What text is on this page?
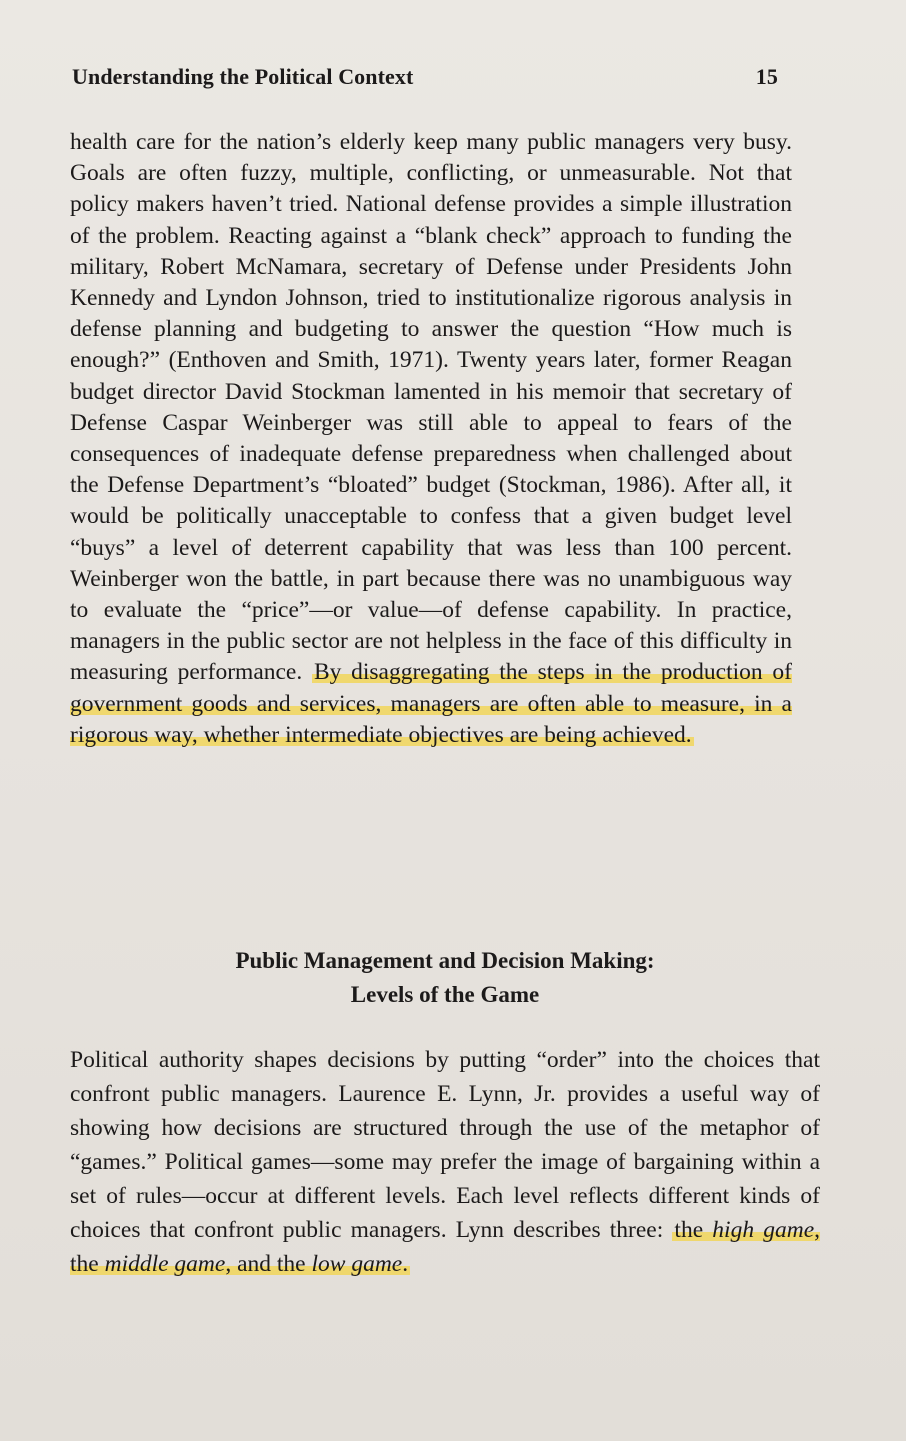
Understanding the Political Context	15
health care for the nation’s elderly keep many public managers very busy. Goals are often fuzzy, multiple, conflicting, or unmeasurable. Not that policy makers haven’t tried. National defense provides a simple illustration of the problem. Reacting against a “blank check” approach to funding the military, Robert McNamara, secretary of Defense under Presidents John Kennedy and Lyndon Johnson, tried to institutionalize rigorous analysis in defense planning and budgeting to answer the question “How much is enough?” (Enthoven and Smith, 1971). Twenty years later, former Reagan budget director David Stockman lamented in his memoir that secretary of Defense Caspar Weinberger was still able to appeal to fears of the consequences of inadequate defense preparedness when challenged about the Defense Department’s “bloated” budget (Stockman, 1986). After all, it would be politically unacceptable to confess that a given budget level “buys” a level of deterrent capability that was less than 100 percent. Weinberger won the battle, in part because there was no unambiguous way to evaluate the “price”—or value—of defense capability. In practice, managers in the public sector are not helpless in the face of this difficulty in measuring performance. By disaggregating the steps in the production of government goods and services, managers are often able to measure, in a rigorous way, whether intermediate objectives are being achieved.
Public Management and Decision Making:
Levels of the Game
Political authority shapes decisions by putting “order” into the choices that confront public managers. Laurence E. Lynn, Jr. provides a useful way of showing how decisions are structured through the use of the metaphor of “games.” Political games—some may prefer the image of bargaining within a set of rules—occur at different levels. Each level reflects different kinds of choices that confront public managers. Lynn describes three: the high game, the middle game, and the low game.
